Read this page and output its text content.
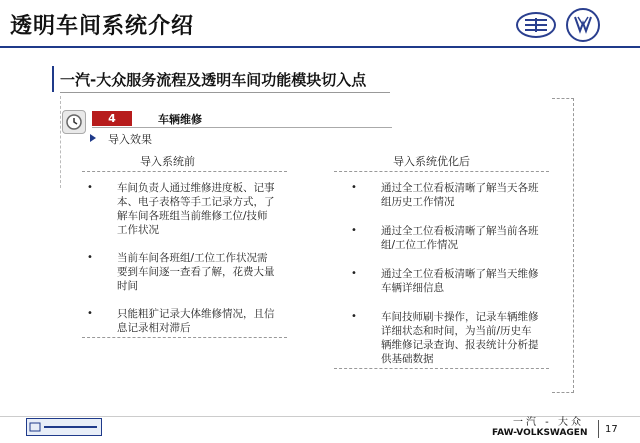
透明车间系统介绍
一汽-大众服务流程及透明车间功能模块切入点
4	车辆维修
导入效果
导入系统前	导入系统优化后
• 车间负责人通过维修进度板、记事本、电子表格等手工记录方式，了解车间各班组当前维修工位/技师工作状况
• 当前车间各班组/工位工作状况需要到车间逐一查看了解，花费大量时间
• 只能粗犷记录大体维修情况，且信息记录相对滞后
• 通过全工位看板清晰了解当天各班组历史工作情况
• 通过全工位看板清晰了解当前各班组/工位工作情况
• 通过全工位看板清晰了解当天维修车辆详细信息
• 车间技师刷卡操作，记录车辆维修详细状态和时间，为当前/历史车辆维修记录查询、报表统计分析提供基础数据
一汽 - 大众
FAW-VOLKSWAGEN 17
